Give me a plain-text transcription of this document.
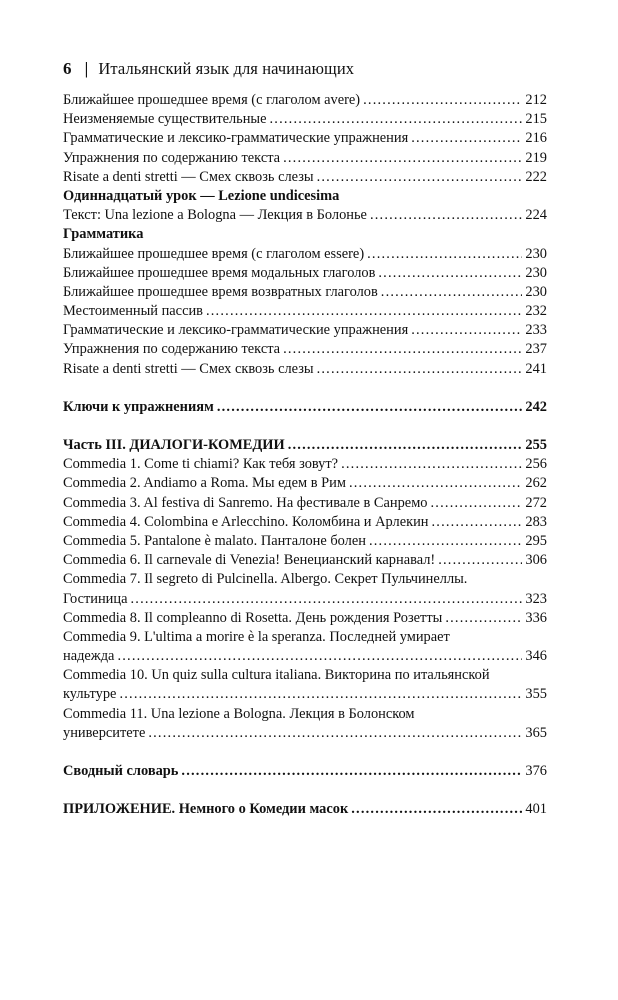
6 | Итальянский язык для начинающих
Ближайшее прошедшее время (с глаголом avere) . . .	212
Неизменяемые существительные . . .	215
Грамматические и лексико-грамматические упражнения . . .	216
Упражнения по содержанию текста . . .	219
Risate a denti stretti — Смех сквозь слезы . . .	222
Одиннадцатый урок — Lezione undicesima
Текст: Una lezione a Bologna — Лекция в Болонье . . .	224
Грамматика
Ближайшее прошедшее время (с глаголом essere) . . .	230
Ближайшее прошедшее время модальных глаголов . . .	230
Ближайшее прошедшее время возвратных глаголов . . .	230
Местоименный пассив . . .	232
Грамматические и лексико-грамматические упражнения . . .	233
Упражнения по содержанию текста . . .	237
Risate a denti stretti — Смех сквозь слезы . . .	241
Ключи к упражнениям . . .	242
Часть III. ДИАЛОГИ-КОМЕДИИ . . .	255
Commedia 1. Come ti chiami? Как тебя зовут? . . .	256
Commedia 2. Andiamo a Roma. Мы едем в Рим . . .	262
Commedia 3. Al festiva di Sanremo. На фестивале в Санремо . . .	272
Commedia 4. Colombina e Arlecchino. Коломбина и Арлекин . . .	283
Commedia 5. Pantalone è malato. Панталоне болен . . .	295
Commedia 6. Il carnevale di Venezia! Венецианский карнавал! . . .	306
Commedia 7. Il segreto di Pulcinella. Albergo. Секрет Пульчинеллы.
Гостиница . . .	323
Commedia 8. Il compleanno di Rosetta. День рождения Розетты . . .	336
Commedia 9. L'ultima a morire è la speranza. Последней умирает
надежда . . .	346
Commedia 10. Un quiz sulla cultura italiana. Викторина по итальянской
культуре . . .	355
Commedia 11. Una lezione a Bologna. Лекция в Болонском
университете . . .	365
Сводный словарь . . .	376
ПРИЛОЖЕНИЕ. Немного о Комедии масок . . .	401
